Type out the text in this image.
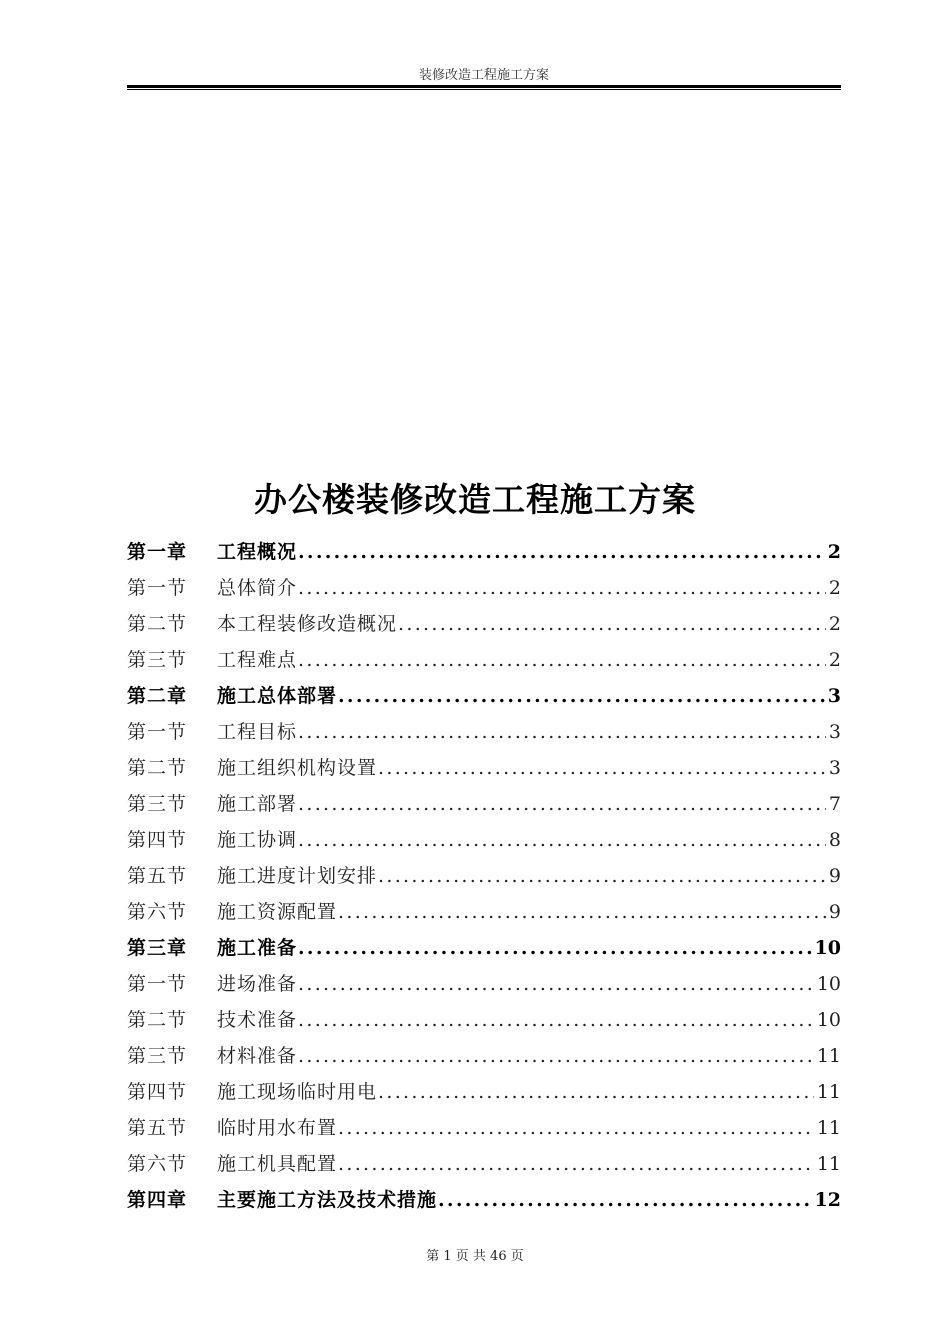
装修改造工程施工方案
办公楼装修改造工程施工方案
第一章	工程概况 .....	2
第一节	总体简介 .....	2
第二节	本工程装修改造概况 .....	2
第三节	工程难点 .....	2
第二章	施工总体部署 .....	3
第一节	工程目标 .....	3
第二节	施工组织机构设置 .....	3
第三节	施工部署 .....	7
第四节	施工协调 .....	8
第五节	施工进度计划安排 .....	9
第六节	施工资源配置 .....	9
第三章	施工准备 .....	10
第一节	进场准备 .....	10
第二节	技术准备 .....	10
第三节	材料准备 .....	11
第四节	施工现场临时用电 .....	11
第五节	临时用水布置 .....	11
第六节	施工机具配置 .....	11
第四章	主要施工方法及技术措施 .....	12
第 1 页 共 46 页
